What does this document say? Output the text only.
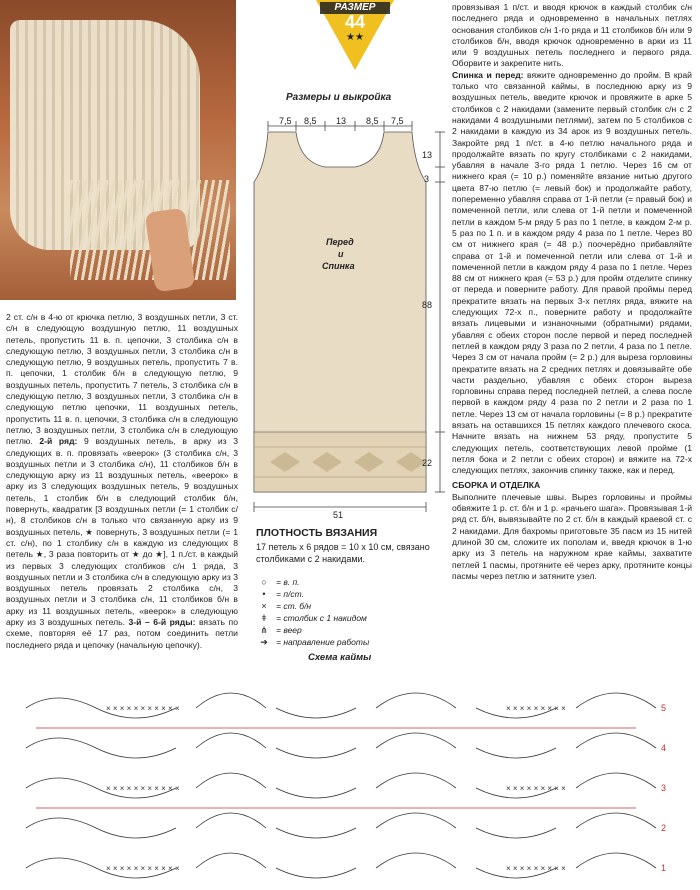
РАЗМЕР
44
★★
Размеры и выкройка
7,5 8,5 13 8,5 7,5
13
3
88
22
51
Перед
и
Спинка

2 ст. с/н в 4-ю от крючка петлю, 3 воздушных петли, 3 ст. с/н в следующую воздушную петлю, 11 воздушных петель, пропустить 11 в. п. цепочки, 3 столбика с/н в следующую петлю, 3 воздушных петли, 3 столбика с/н в следующую петлю, 9 воздушных петель, пропустить 7 в. п. цепочки, 1 столбик б/н в следующую петлю, 9 воздушных петель, пропустить 7 петель, 3 столбика с/н в следующую петлю, 3 воздушных петли, 3 столбика с/н в следующую петлю цепочки, 11 воздушных петель, пропустить 11 в. п. цепочки, 3 столбика с/н в следующую петлю, 3 воздушных петли, 3 столбика с/н в следующую петлю. 2-й ряд: 9 воздушных петель, в арку из 3 следующих в. п. провязать «веерок» (3 столбика с/н, 3 воздушных петли и 3 столбика с/н), 11 столбиков б/н в следующую арку из 11 воздушных петель, «веерок» в арку из 3 следующих воздушных петель, 9 воздушных петель, 1 столбик б/н в следующий столбик б/н, повернуть, квадратик [3 воздушных петли (= 1 столбик с/н), 8 столбиков с/н в только что связанную арку из 9 воздушных петель, ★ повернуть, 3 воздушных петли (= 1 ст. с/н), по 1 столбику с/н в каждую из следующих 8 петель ★, 3 раза повторить от ★ до ★], 1 п./ст. в каждый из первых 3 следующих столбиков с/н 1 ряда, 3 воздушных петли и 3 столбика с/н в следующую арку из 3 воздушных петель провязать 2 столбика с/н, 3 воздушных петли и 3 столбика с/н, 11 столбиков б/н в арку из 11 воздушных петель, «веерок» в следующую арку из 3 воздушных петель. 3-й – 6-й ряды: вязать по схеме, повторяя её 17 раз, потом соединить петли последнего ряда и цепочку (начальную цепочку).

провязывая 1 п/ст. и вводя крючок в каждый столбик с/н последнего ряда и одновременно в начальных петлях основания столбиков с/н 1-го ряда и 11 столбиков б/н или 9 столбиков б/н, вводя крючок одновременно в арки из 11 или 9 воздушных петель последнего и первого ряда. Оборвите и закрепите нить.

Спинка и перед: вяжите одновременно до пройм. В край только что связанной каймы, в последнюю арку из 9 воздушных петель, введите крючок и провяжите в арке 5 столбиков с 2 накидами (замените первый столбик с/н с 2 накидами 4 воздушными петлями), затем по 5 столбиков с 2 накидами в каждую из 34 арок из 9 воздушных петель. Закройте ряд 1 п/ст. в 4-ю петлю начального ряда и продолжайте вязать по кругу столбиками с 2 накидами, убавляя в начале 3-го ряда 1 петлю. Через 16 см от нижнего края (= 10 р.) поменяйте вязание нитью другого цвета 87-ю петлю (= левый бок) и продолжайте работу, попеременно убавляя справа от 1-й петли (= правый бок) и помеченной петли, или слева от 1-й петли и помеченной петли в каждом 5-м ряду 5 раз по 1 петле, в каждом 2-м р. 5 раз по 1 п. и в каждом ряду 4 раза по 1 петле. Через 80 см от нижнего края (= 48 р.) поочерёдно прибавляйте справа от 1-й и помеченной петли или слева от 1-й и помеченной петли в каждом ряду 4 раза по 1 петле. Через 88 см от нижнего края (= 53 р.) для пройм отделите спинку от переда и поверните работу. Для правой проймы перед прекратите вязать на первых 3-х петлях ряда, вяжите на следующих 72-х п., поверните работу и продолжайте вязать лицевыми и изнаночными (обратными) рядами, убавляя с обеих сторон после первой и перед последней петлей в каждом ряду 3 раза по 2 петли, 4 раза по 1 петле. Через 3 см от начала пройм (= 2 р.) для выреза горловины прекратите вязать на 2 средних петлях и довязывайте обе части раздельно, убавляя с обеих сторон выреза горловины справа перед последней петлей, а слева после первой в каждом ряду 4 раза по 2 петли и 2 раза по 1 петле. Через 13 см от начала горловины (= 8 р.) прекратите вязать на оставшихся 15 петлях каждого плечевого скоса. Начните вязать на нижнем 53 ряду, пропустите 5 следующих петель, соответствующих левой пройме (1 петля бока и 2 петли с обеих сторон) и вяжите на 72-х следующих петлях, закончив спинку также, как и перед.

СБОРКА И ОТДЕЛКА

Выполните плечевые швы. Вырез горловины и проймы обвяжите 1 р. ст. б/н и 1 р. «рачьего шага». Провязывая 1-й ряд ст. б/н, вывязывайте по 2 ст. б/н в каждый краевой ст. с 2 накидами. Для бахромы приготовьте 35 пасм из 15 нитей длиной 30 см, сложите их пополам и, введя крючок в 1-ю арку из 3 петель на наружном крае каймы, захватите петлей 1 пасмы, протяните её через арку, протяните концы пасмы через петлю и затяните узел.

ПЛОТНОСТЬ ВЯЗАНИЯ
17 петель х 6 рядов = 10 х 10 см, связано столбиками с 2 накидами.
○	= в. п.
•	= п/ст.
×	= ст. б/н
ǂ	= столбик с 1 накидом
⋔ = веер
➔ = направление работы
Схема каймы
× × × × × × × × × × ×	× × × × × × × × ×
× × × × × × × × × × ×	× × × × × × × × ×
× × × × × × × × × × ×	× × × × × × × × ×	1
2
3
4
5
